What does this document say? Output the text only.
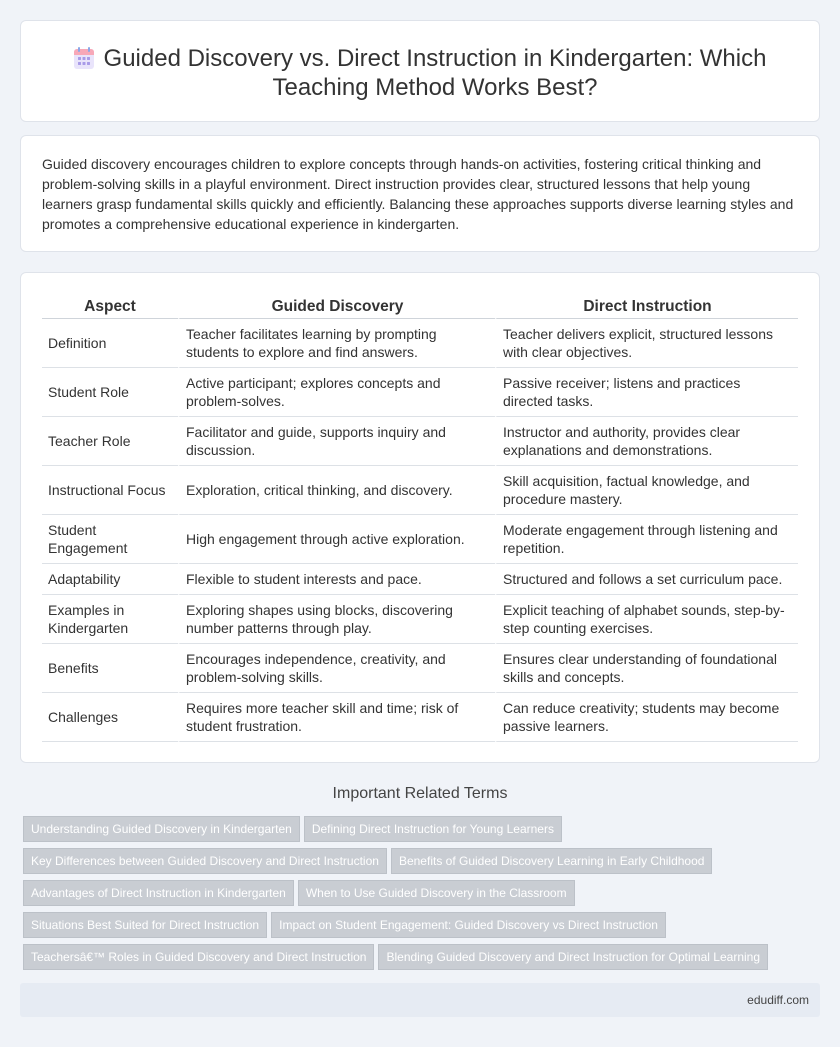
Guided Discovery vs. Direct Instruction in Kindergarten: Which Teaching Method Works Best?

Guided discovery encourages children to explore concepts through hands-on activities, fostering critical thinking and problem-solving skills in a playful environment. Direct instruction provides clear, structured lessons that help young learners grasp fundamental skills quickly and efficiently. Balancing these approaches supports diverse learning styles and promotes a comprehensive educational experience in kindergarten.

Aspect	Guided Discovery	Direct Instruction
Definition	Teacher facilitates learning by prompting students to explore and find answers.	Teacher delivers explicit, structured lessons with clear objectives.
Student Role	Active participant; explores concepts and problem-solves.	Passive receiver; listens and practices directed tasks.
Teacher Role	Facilitator and guide, supports inquiry and discussion.	Instructor and authority, provides clear explanations and demonstrations.
Instructional Focus	Exploration, critical thinking, and discovery.	Skill acquisition, factual knowledge, and procedure mastery.
Student Engagement	High engagement through active exploration.	Moderate engagement through listening and repetition.
Adaptability	Flexible to student interests and pace.	Structured and follows a set curriculum pace.
Examples in Kindergarten	Exploring shapes using blocks, discovering number patterns through play.	Explicit teaching of alphabet sounds, step-by-step counting exercises.
Benefits	Encourages independence, creativity, and problem-solving skills.	Ensures clear understanding of foundational skills and concepts.
Challenges	Requires more teacher skill and time; risk of student frustration.	Can reduce creativity; students may become passive learners.
Important Related Terms
Understanding Guided Discovery in Kindergarten Defining Direct Instruction for Young Learners
Key Differences between Guided Discovery and Direct Instruction Benefits of Guided Discovery Learning in Early Childhood
Advantages of Direct Instruction in Kindergarten When to Use Guided Discovery in the Classroom
Situations Best Suited for Direct Instruction Impact on Student Engagement: Guided Discovery vs Direct Instruction
Teachersâ€™ Roles in Guided Discovery and Direct Instruction Blending Guided Discovery and Direct Instruction for Optimal Learning
edudiff.com
